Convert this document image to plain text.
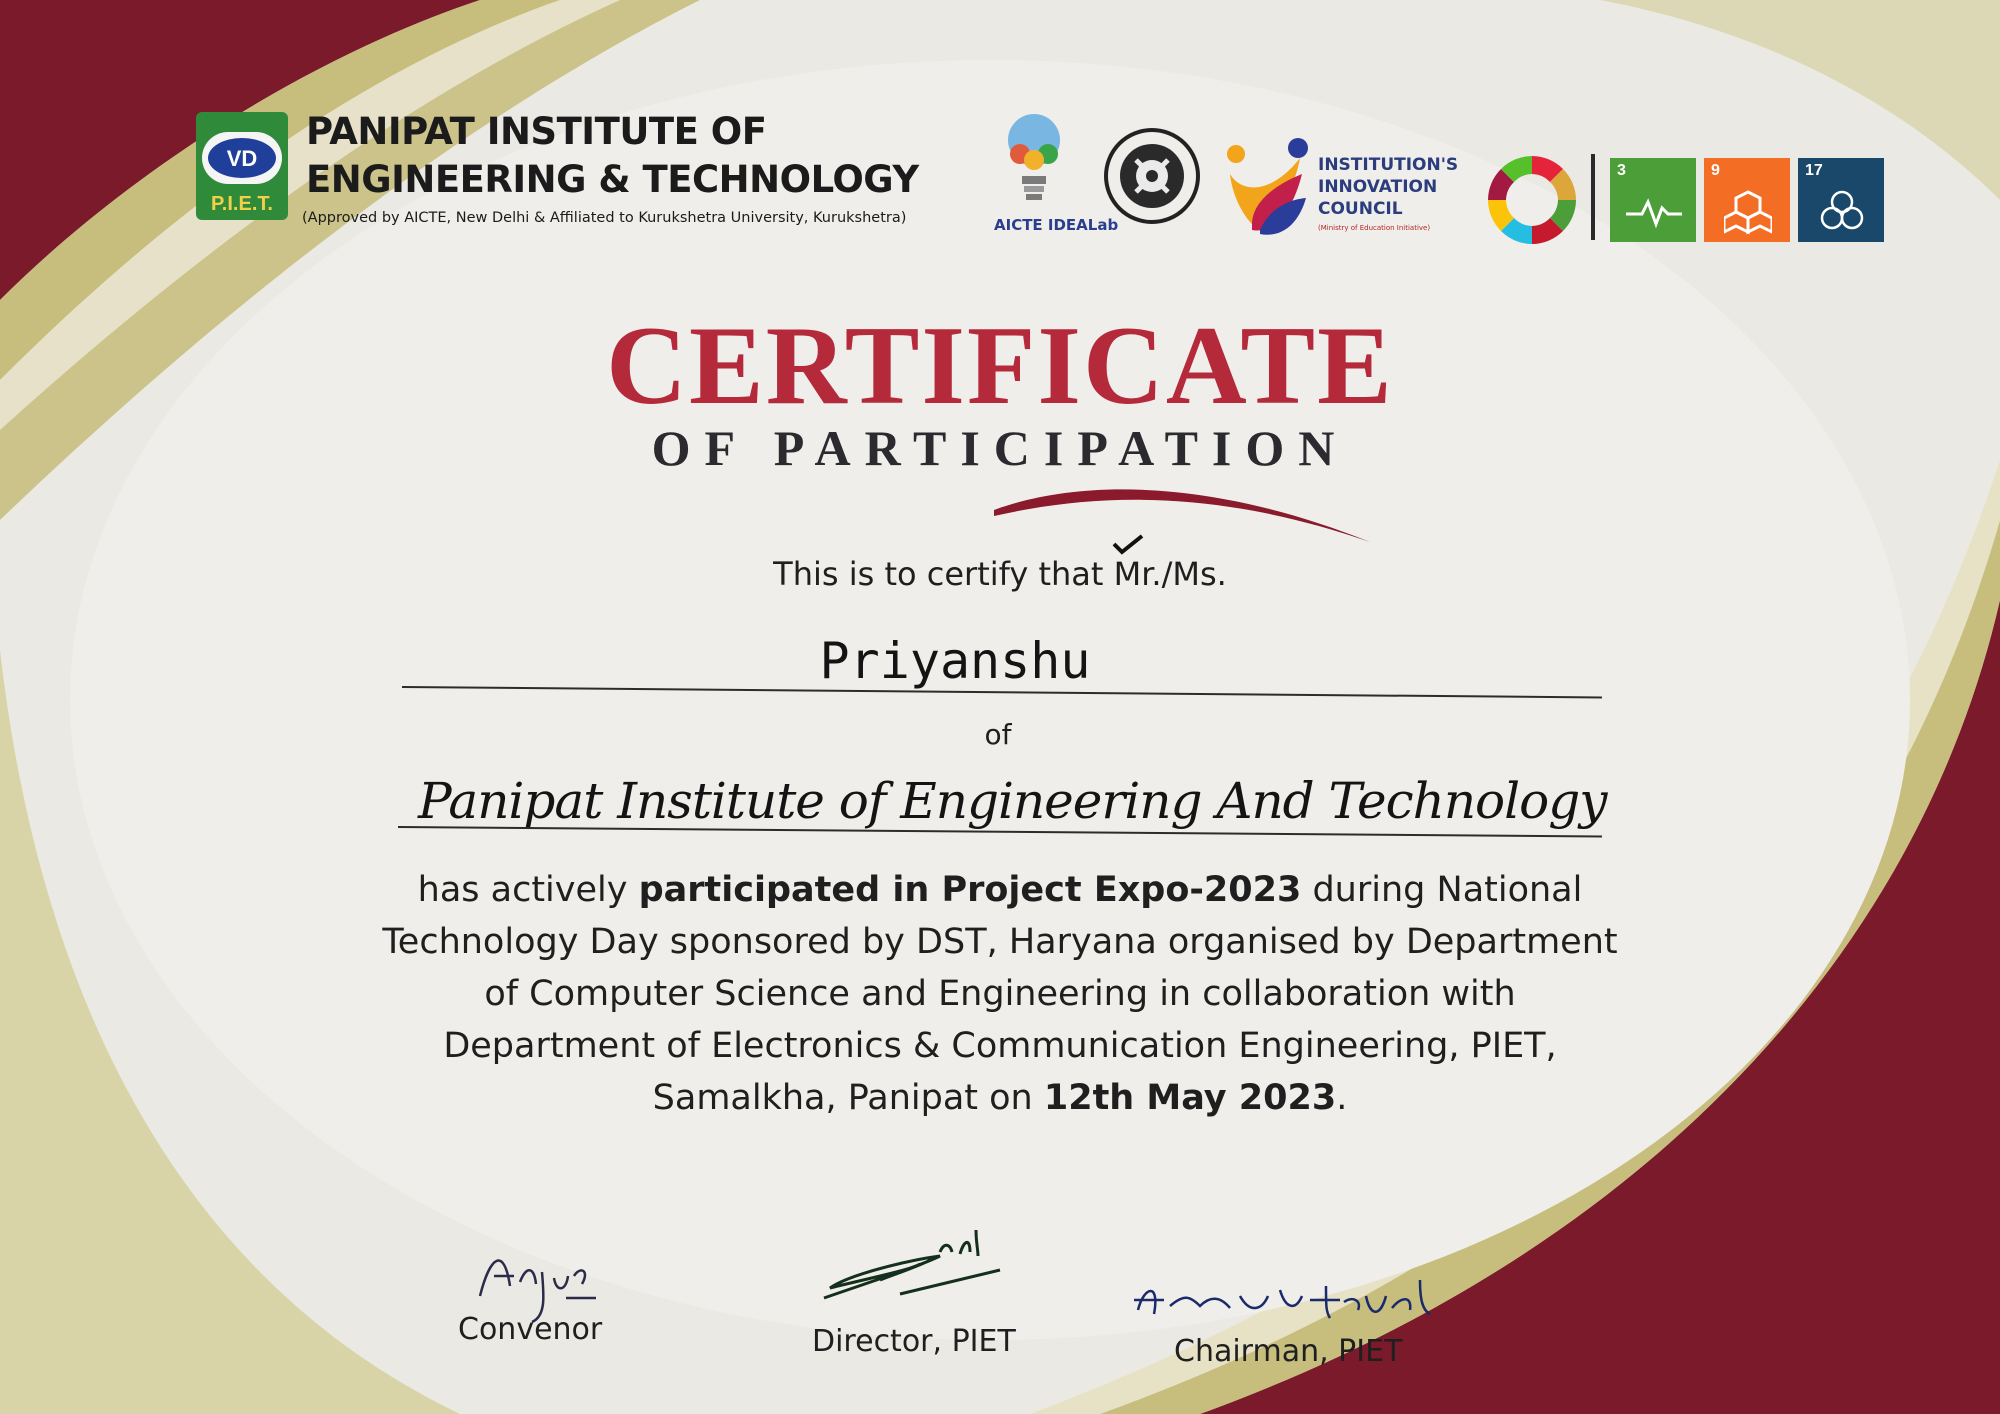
VD
P.I.E.T.
PANIPAT INSTITUTE OF
ENGINEERING & TECHNOLOGY
(Approved by AICTE, New Delhi & Affiliated to Kurukshetra University, Kurukshetra)	AICTE IDEALab
INSTITUTION'S
INNOVATION
COUNCIL
(Ministry of Education Initiative)
3	9	17
CERTIFICATE
OF PARTICIPATION
This is to certify that Mr./Ms.
Priyanshu
of
Panipat Institute of Engineering And Technology
has actively participated in Project Expo-2023 during National Technology Day sponsored by DST, Haryana organised by Department of Computer Science and Engineering in collaboration with Department of Electronics & Communication Engineering, PIET, Samalkha, Panipat on 12th May 2023.
Convenor	Director, PIET	Chairman, PIET
